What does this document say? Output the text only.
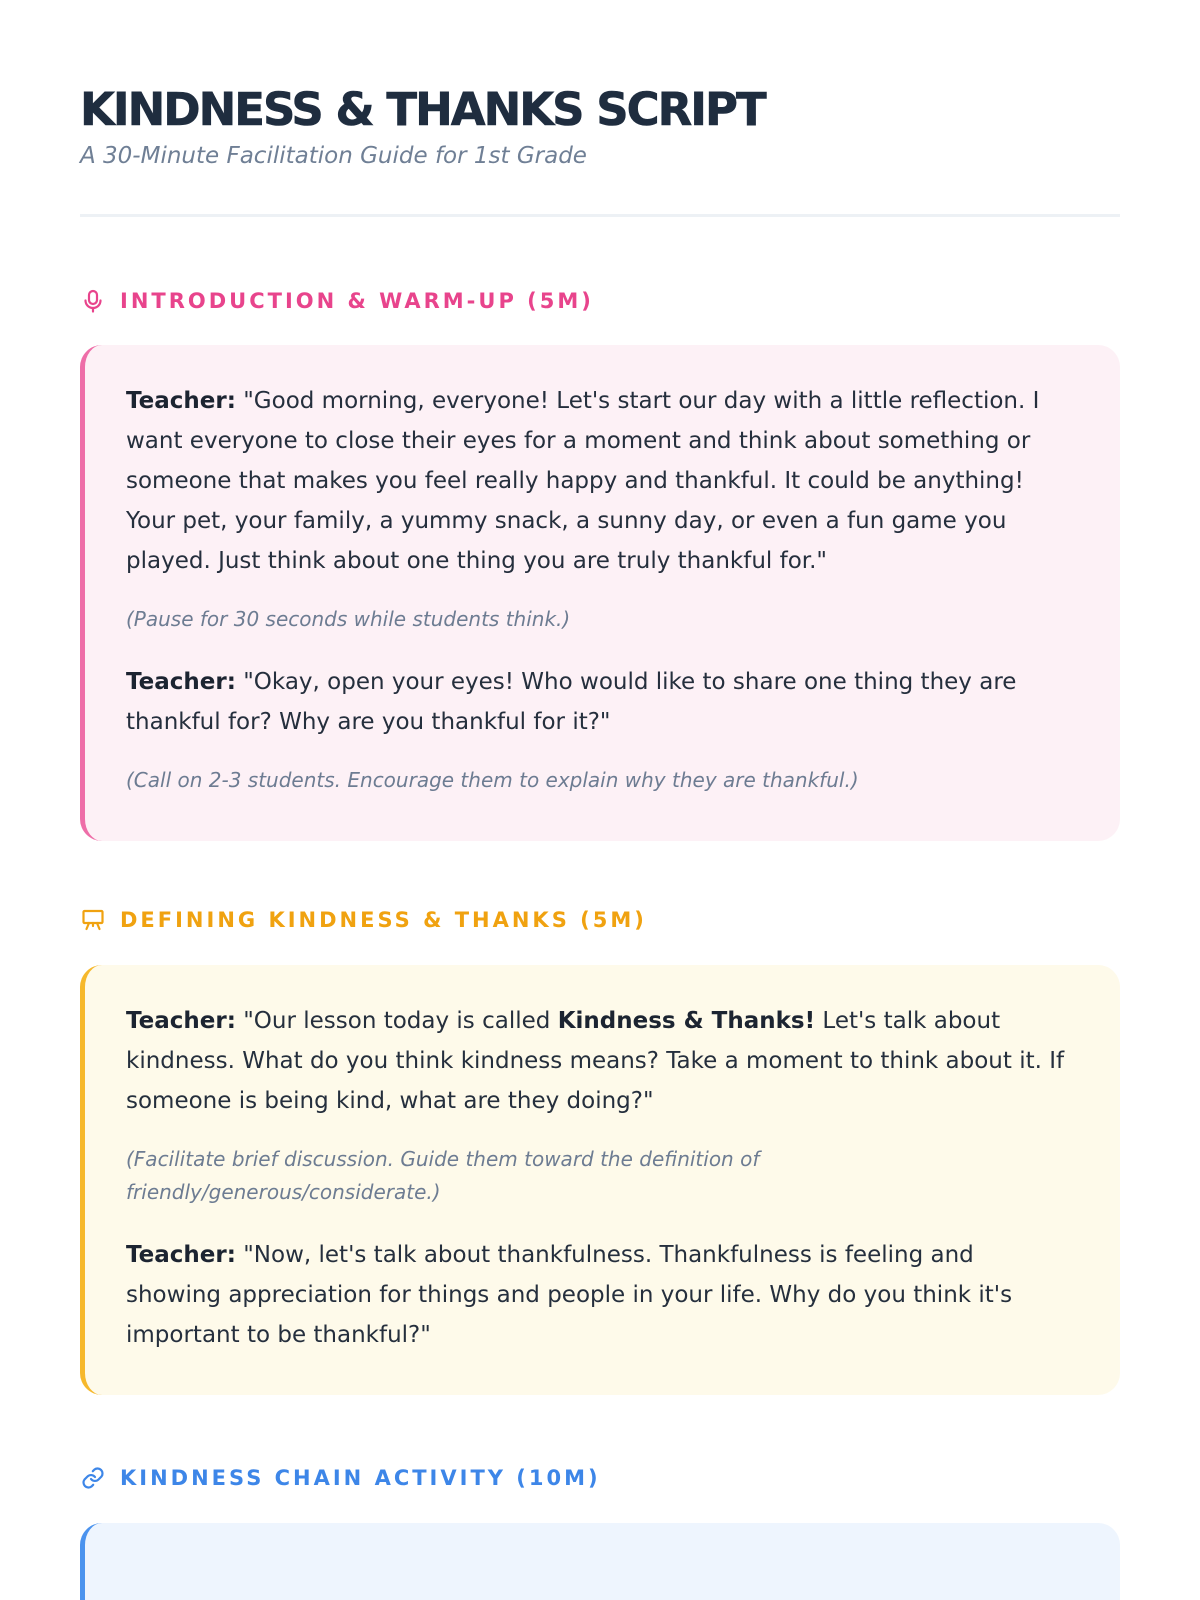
KINDNESS & THANKS SCRIPT

A 30-Minute Facilitation Guide for 1st Grade

INTRODUCTION & WARM-UP (5M)

Teacher: "Good morning, everyone! Let's start our day with a little reflection. I want everyone to close their eyes for a moment and think about something or someone that makes you feel really happy and thankful. It could be anything! Your pet, your family, a yummy snack, a sunny day, or even a fun game you played. Just think about one thing you are truly thankful for."

(Pause for 30 seconds while students think.)

Teacher: "Okay, open your eyes! Who would like to share one thing they are thankful for? Why are you thankful for it?"

(Call on 2-3 students. Encourage them to explain why they are thankful.)

DEFINING KINDNESS & THANKS (5M)

Teacher: "Our lesson today is called Kindness & Thanks! Let's talk about kindness. What do you think kindness means? Take a moment to think about it. If someone is being kind, what are they doing?"

(Facilitate brief discussion. Guide them toward the definition of friendly/generous/considerate.)

Teacher: "Now, let's talk about thankfulness. Thankfulness is feeling and showing appreciation for things and people in your life. Why do you think it's important to be thankful?"

KINDNESS CHAIN ACTIVITY (10M)
